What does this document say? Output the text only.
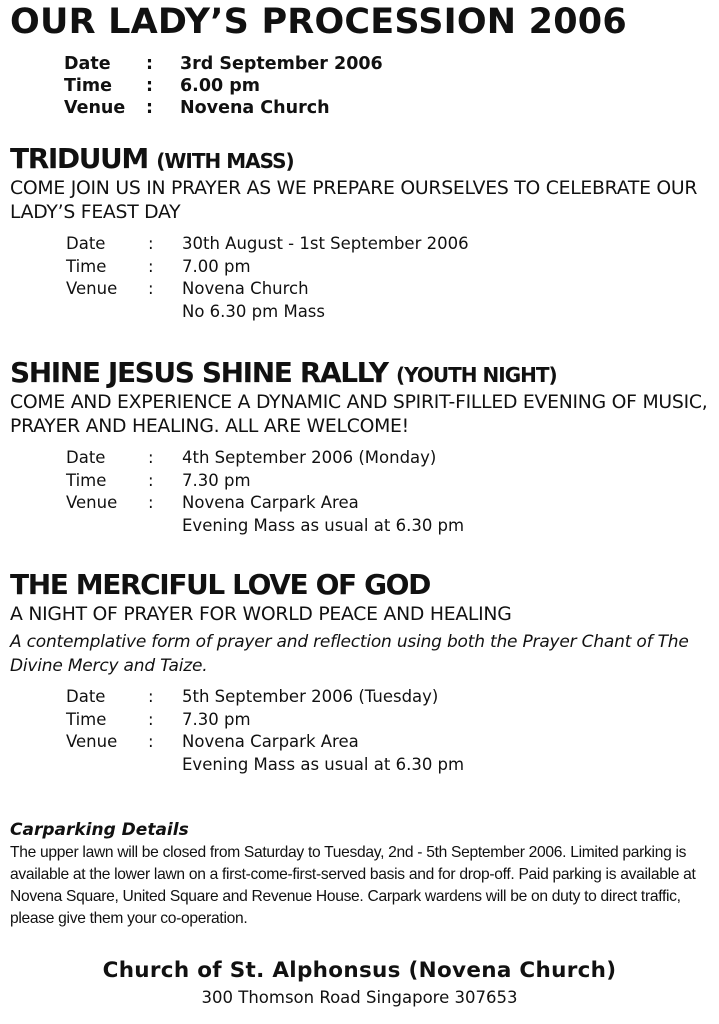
OUR LADY’S PROCESSION 2006
Date : 3rd September 2006
Time : 6.00 pm
Venue : Novena Church
TRIDUUM (WITH MASS)
COME JOIN US IN PRAYER AS WE PREPARE OURSELVES TO CELEBRATE OUR LADY’S FEAST DAY
Date	:	30th August - 1st September 2006
Time	:	7.00 pm
Venue	:	Novena Church
No 6.30 pm Mass
SHINE JESUS SHINE RALLY (YOUTH NIGHT)
COME AND EXPERIENCE A DYNAMIC AND SPIRIT-FILLED EVENING OF MUSIC, PRAYER AND HEALING. ALL ARE WELCOME!
Date	:	4th September 2006 (Monday)
Time	:	7.30 pm
Venue	:	Novena Carpark Area
Evening Mass as usual at 6.30 pm
THE MERCIFUL LOVE OF GOD
A NIGHT OF PRAYER FOR WORLD PEACE AND HEALING
A contemplative form of prayer and reflection using both the Prayer Chant of The Divine Mercy and Taize.
Date	:	5th September 2006 (Tuesday)
Time	:	7.30 pm
Venue	:	Novena Carpark Area
Evening Mass as usual at 6.30 pm
Carparking Details
The upper lawn will be closed from Saturday to Tuesday, 2nd - 5th September 2006. Limited parking is available at the lower lawn on a first-come-first-served basis and for drop-off. Paid parking is available at Novena Square, United Square and Revenue House. Carpark wardens will be on duty to direct traffic, please give them your co-operation.
Church of St. Alphonsus (Novena Church)
300 Thomson Road Singapore 307653
